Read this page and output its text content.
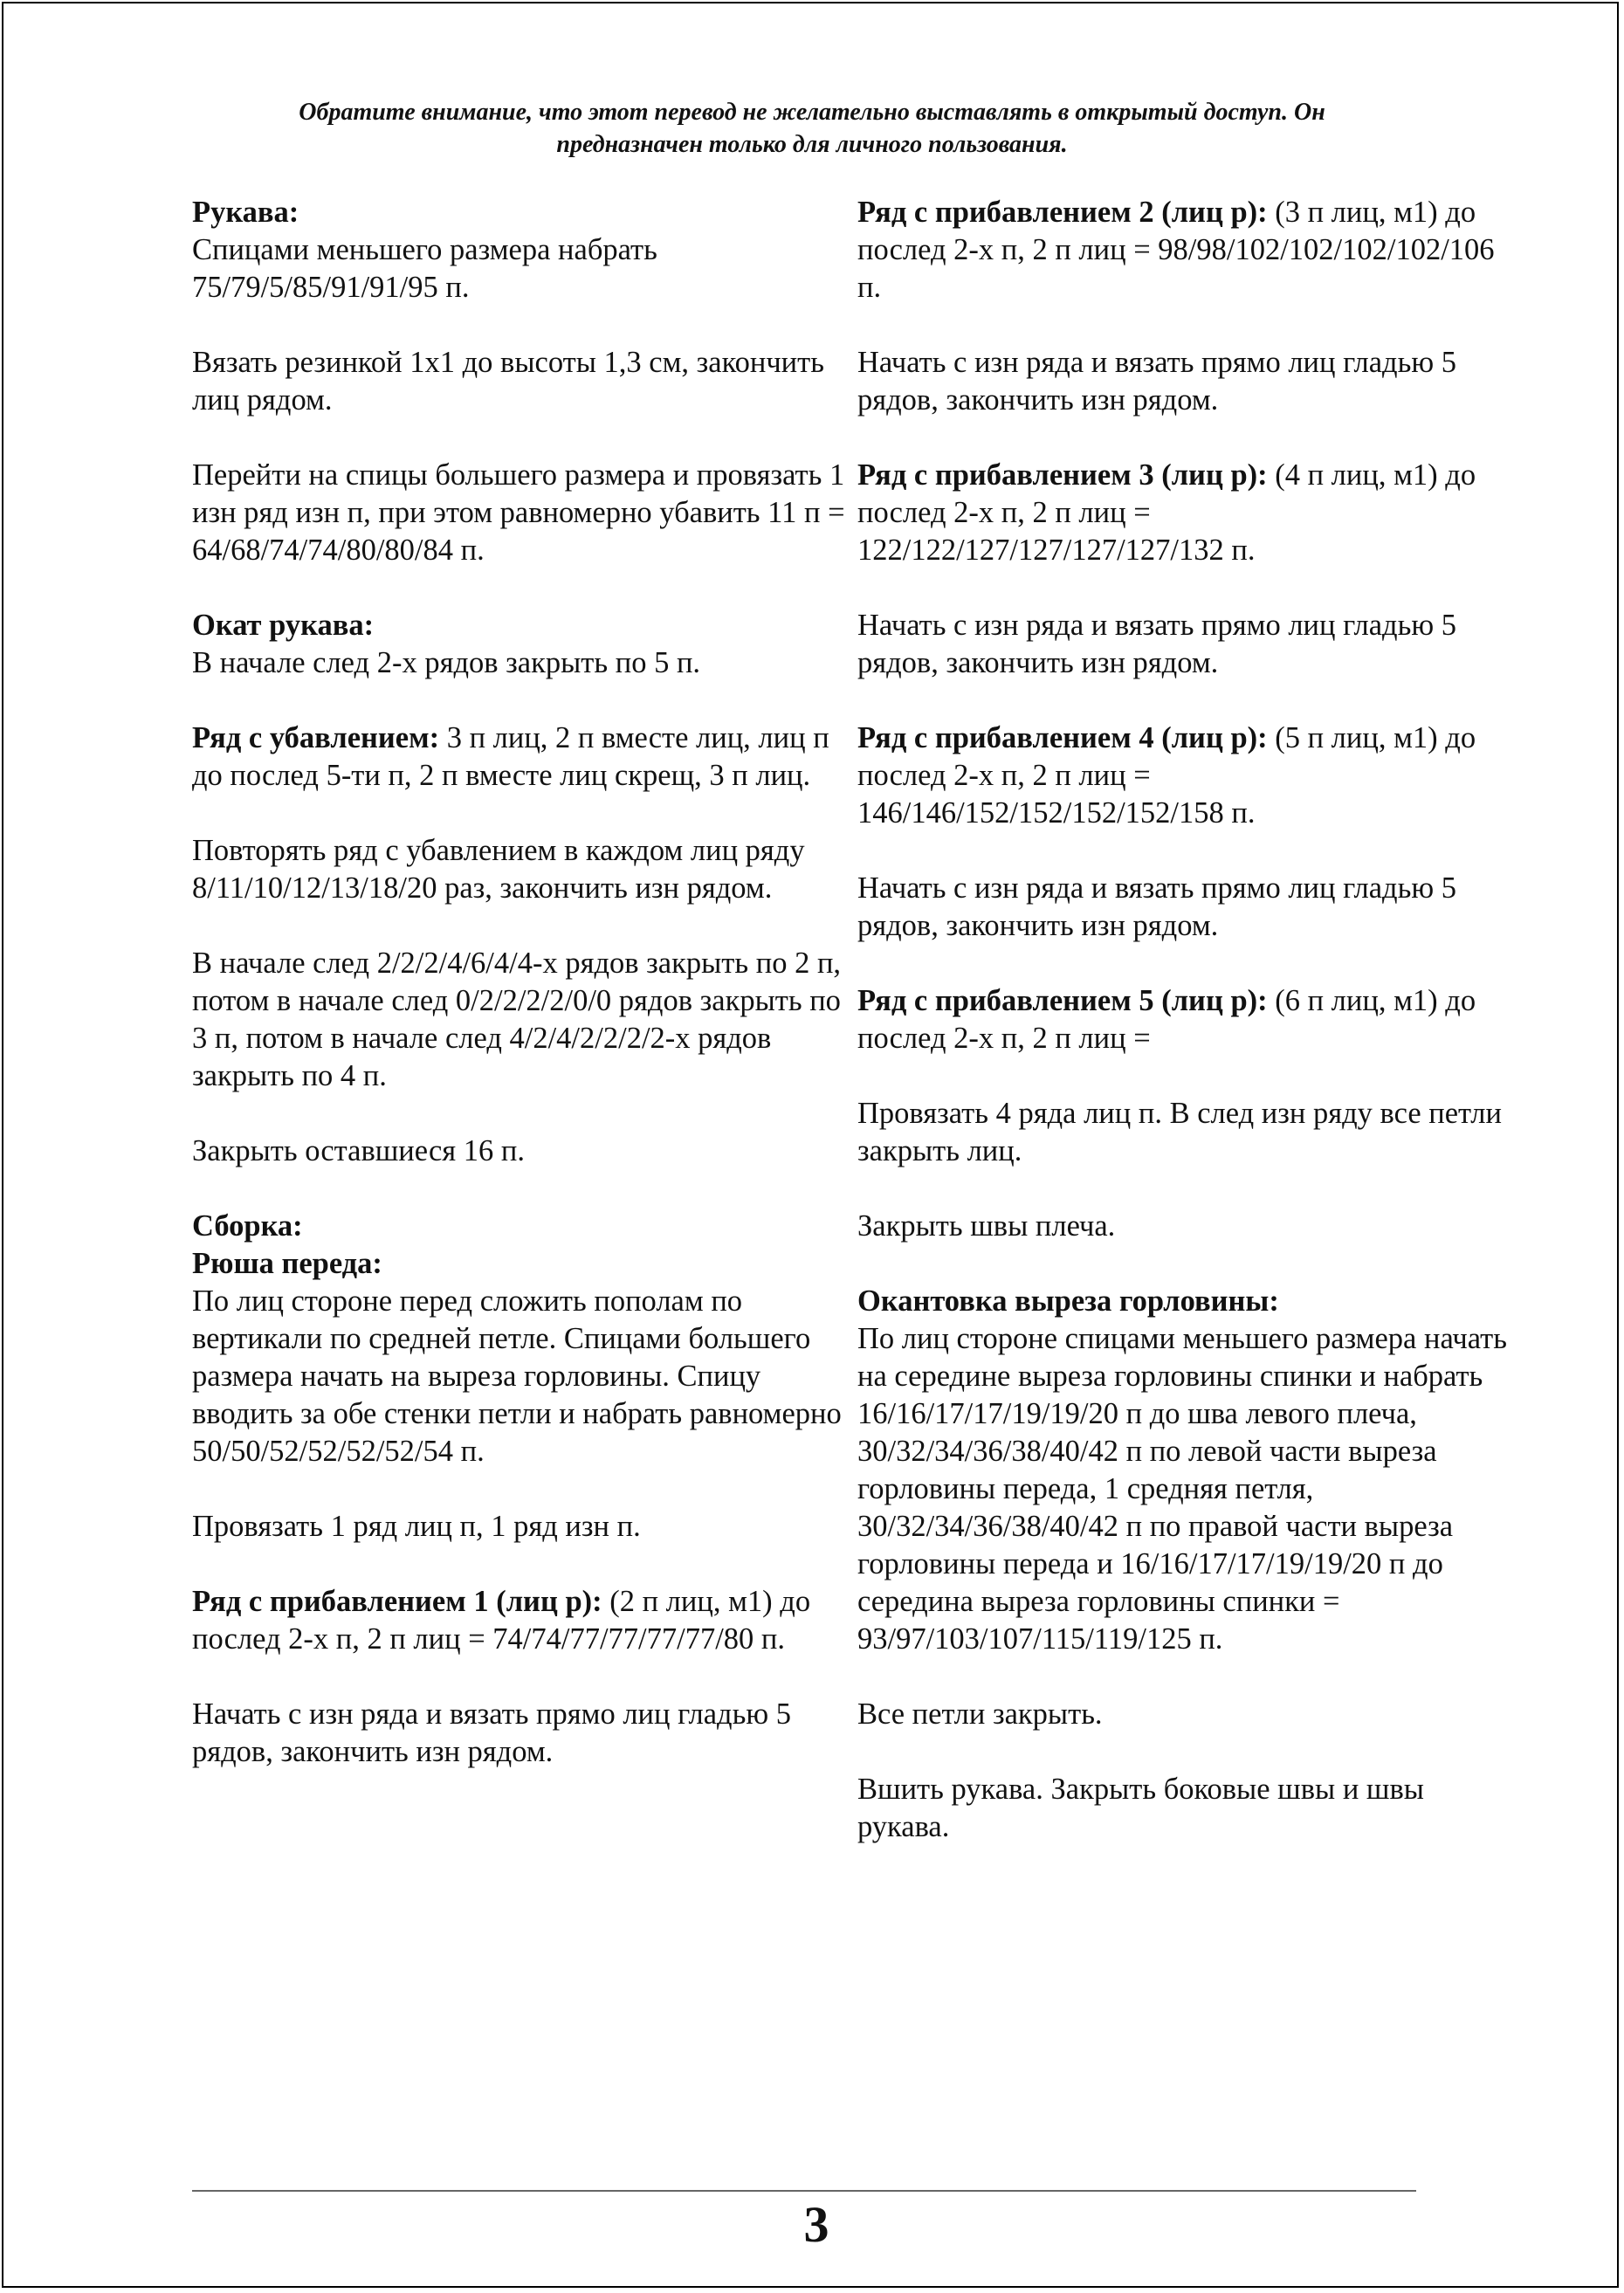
Обратите внимание, что этот перевод не желательно выставлять в открытый доступ. Он
предназначен только для личного пользования.
Рукава:

Спицами меньшего размера набрать 75/79/5/85/91/91/95 п.

Вязать резинкой 1x1 до высоты 1,3 см, закончить лиц рядом.

Перейти на спицы большего размера и провязать 1 изн ряд изн п, при этом равномерно убавить 11 п = 64/68/74/74/80/80/84 п.

Окат рукава:

В начале след 2-х рядов закрыть по 5 п.

Ряд с убавлением: 3 п лиц, 2 п вместе лиц, лиц п до послед 5-ти п, 2 п вместе лиц скрещ, 3 п лиц.

Повторять ряд с убавлением в каждом лиц ряду 8/11/10/12/13/18/20 раз, закончить изн рядом.

В начале след 2/2/2/4/6/4/4-х рядов закрыть по 2 п, потом в начале след 0/2/2/2/2/0/0 рядов закрыть по 3 п, потом в начале след 4/2/4/2/2/2/2-х рядов закрыть по 4 п.

Закрыть оставшиеся 16 п.

Сборка:
Рюша переда:

По лиц стороне перед сложить пополам по вертикали по средней петле. Спицами большего размера начать на выреза горловины. Спицу вводить за обе стенки петли и набрать равномерно 50/50/52/52/52/52/54 п.

Провязать 1 ряд лиц п, 1 ряд изн п.

Ряд с прибавлением 1 (лиц р): (2 п лиц, м1) до послед 2-х п, 2 п лиц = 74/74/77/77/77/77/80 п.

Начать с изн ряда и вязать прямо лиц гладью 5 рядов, закончить изн рядом.

Ряд с прибавлением 2 (лиц р): (3 п лиц, м1) до послед 2-х п, 2 п лиц = 98/98/102/102/102/102/106 п.

Начать с изн ряда и вязать прямо лиц гладью 5 рядов, закончить изн рядом.

Ряд с прибавлением 3 (лиц р): (4 п лиц, м1) до послед 2-х п, 2 п лиц = 122/122/127/127/127/127/132 п.

Начать с изн ряда и вязать прямо лиц гладью 5 рядов, закончить изн рядом.

Ряд с прибавлением 4 (лиц р): (5 п лиц, м1) до послед 2-х п, 2 п лиц = 146/146/152/152/152/152/158 п.

Начать с изн ряда и вязать прямо лиц гладью 5 рядов, закончить изн рядом.

Ряд с прибавлением 5 (лиц р): (6 п лиц, м1) до послед 2-х п, 2 п лиц =

Провязать 4 ряда лиц п. В след изн ряду все петли закрыть лиц.

Закрыть швы плеча.

Окантовка выреза горловины:

По лиц стороне спицами меньшего размера начать на середине выреза горловины спинки и набрать 16/16/17/17/19/19/20 п до шва левого плеча, 30/32/34/36/38/40/42 п по левой части выреза горловины переда, 1 средняя петля, 30/32/34/36/38/40/42 п по правой части выреза горловины переда и 16/16/17/17/19/19/20 п до середина выреза горловины спинки = 93/97/103/107/115/119/125 п.

Все петли закрыть.

Вшить рукава. Закрыть боковые швы и швы рукава.

3
